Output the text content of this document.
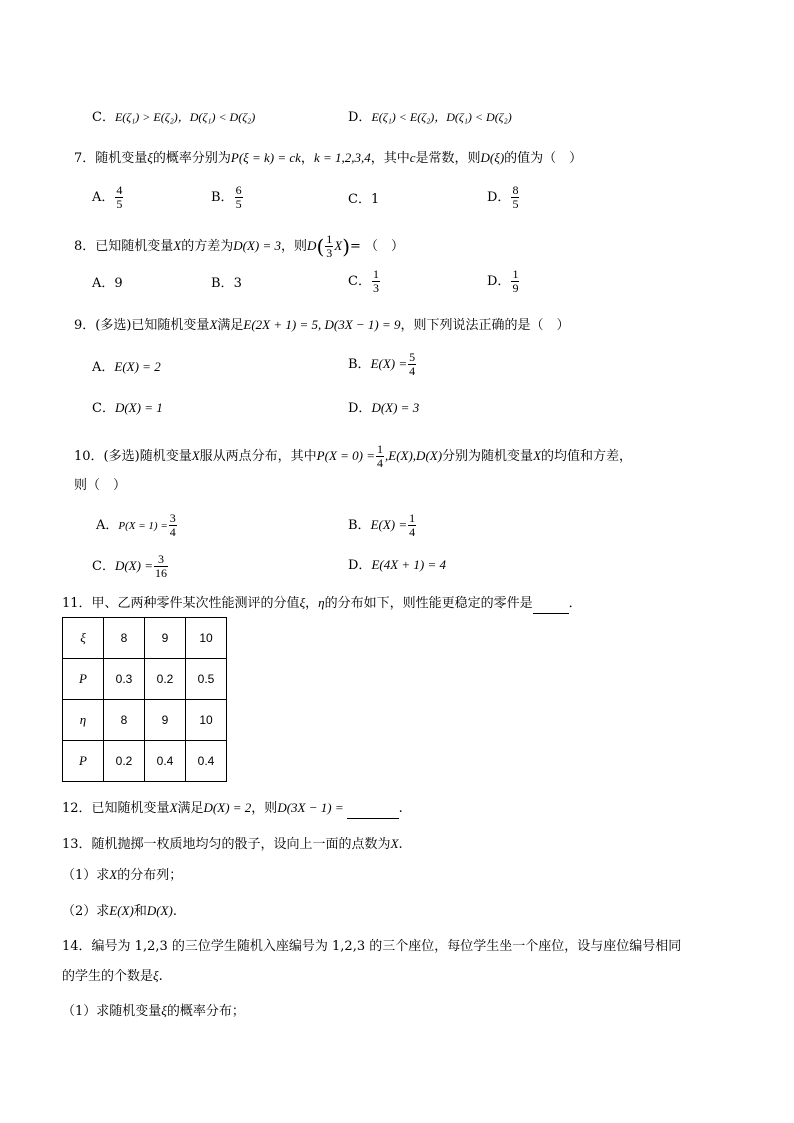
C．E(ζ₁) > E(ζ₂)，D(ζ₁) < D(ζ₂)	D．E(ζ₁) < E(ζ₂)，D(ζ₁) < D(ζ₂)
7．随机变量ξ的概率分别为P(ξ = k) = ck，k = 1,2,3,4，其中c是常数，则D(ξ)的值为（　）
A． $\frac{4}{5}$	B． $\frac{6}{5}$	C．1	D． $\frac{8}{5}$
8．已知随机变量X的方差为D(X) = 3，则$D( \frac{1}{3} X)=$ （　）
A．9	B．3	C． $\frac{1}{3}$	D． $\frac{1}{9}$
9．(多选)已知随机变量X满足E(2X + 1) = 5, D(3X − 1) = 9，则下列说法正确的是（　）
A．E(X) = 2	B．$E(X) = \frac{5}{4}$
C．D(X) = 1	D．D(X) = 3
10．(多选)随机变量X服从两点分布，其中$P(X = 0) = \frac{1}{4} ,E(X),D(X)$分别为随机变量X的均值和方差，
则（　）
A．$P(X = 1) = \frac{3}{4}$	B．$E(X) = \frac{1}{4}$
C．$D(X) = \frac{3}{16}$	D．E(4X + 1) = 4
11．甲、乙两种零件某次性能测评的分值ξ，η的分布如下，则性能更稳定的零件是	．
ξ	8	9	10
P	0.3	0.2	0.5
η	8	9	10
P	0.2	0.4	0.4
12．已知随机变量X满足D(X) = 2，则D(3X − 1) =	.
13．随机抛掷一枚质地均匀的骰子，设向上一面的点数为X.
（1）求X的分布列；
（2）求E(X)和D(X).
14．编号为 1,2,3 的三位学生随机入座编号为 1,2,3 的三个座位，每位学生坐一个座位，设与座位编号相同
的学生的个数是ξ.
（1）求随机变量ξ的概率分布；
